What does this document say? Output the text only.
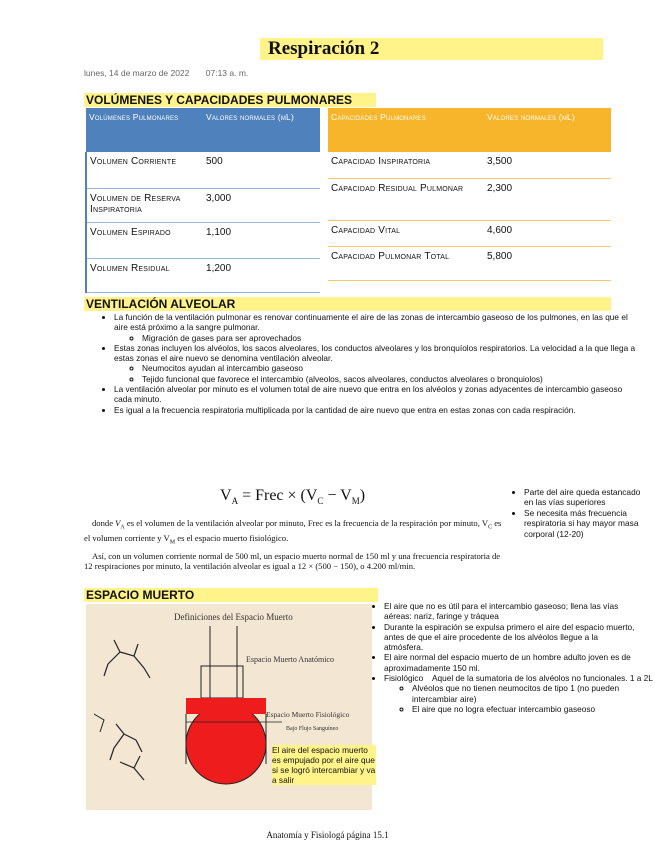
Respiración 2
lunes, 14 de marzo de 2022 07:13 a. m.
VOLÚMENES Y CAPACIDADES PULMONARES
Volúmenes Pulmonares	Valores normales (mL)
Volumen Corriente	500
Volumen de Reserva Inspiratoria	3,000
Volumen Espirado	1,100
Volumen Residual	1,200
Capacidades Pulmonares	Valores normales (mL)
Capacidad Inspiratoria	3,500
Capacidad Residual Pulmonar	2,300
Capacidad Vital	4,600
Capacidad Pulmonar Total	5,800
VENTILACIÓN ALVEOLAR
• La función de la ventilación pulmonar es renovar continuamente el aire de las zonas de intercambio gaseoso de los pulmones, en las que el aire está próximo a la sangre pulmonar.
◦ Migración de gases para ser aprovechados
• Estas zonas incluyen los alvéolos, los sacos alveolares, los conductos alveolares y los bronquíolos respiratorios. La velocidad a la que llega a estas zonas el aire nuevo se denomina ventilación alveolar.
◦ Neumocitos ayudan al intercambio gaseoso
◦ Tejido funcional que favorece el intercambio (alveolos, sacos alveolares, conductos alveolares o bronquiolos)
• La ventilación alveolar por minuto es el volumen total de aire nuevo que entra en los alvéolos y zonas adyacentes de intercambio gaseoso cada minuto.
• Es igual a la frecuencia respiratoria multiplicada por la cantidad de aire nuevo que entra en estas zonas con cada respiración.
$V_A$ = Frec × $(V_C - V_M)$

donde $V_A$ es el volumen de la ventilación alveolar por minuto, Frec es la frecuencia de la respiración por minuto, $V_C$ es el volumen corriente y $V_M$ es el espacio muerto fisiológico.

Así, con un volumen corriente normal de 500 ml, un espacio muerto normal de 150 ml y una frecuencia respiratoria de 12 respiraciones por minuto, la ventilación alveolar es igual a 12 × (500 − 150), o 4.200 ml/min.

• Parte del aire queda estancado en las vías superiores
• Se necesita más frecuencia respiratoria si hay mayor masa corporal (12-20)
ESPACIO MUERTO
Definiciones del Espacio Muerto
Espacio Muerto Anatómico
Espacio Muerto Fisiológico
Bajo Flujo Sanguíneo
El aire del espacio muerto es empujado por el aire que si se logró intercambiar y va a salir
• El aire que no es útil para el intercambio gaseoso; llena las vías aéreas: nariz, faringe y tráquea
• Durante la espiración se expulsa primero el aire del espacio muerto, antes de que el aire procedente de los alvéolos llegue a la atmósfera.
• El aire normal del espacio muerto de un hombre adulto joven es de aproximadamente 150 ml.
• Fisiológico    Aquel de la sumatoria de los alvéolos no funcionales. 1 a 2L
◦ Alvéolos que no tienen neumocitos de tipo 1 (no pueden intercambiar aire)
◦ El aire que no logra efectuar intercambio gaseoso
Anatomía y Fisiologá página 15.1
